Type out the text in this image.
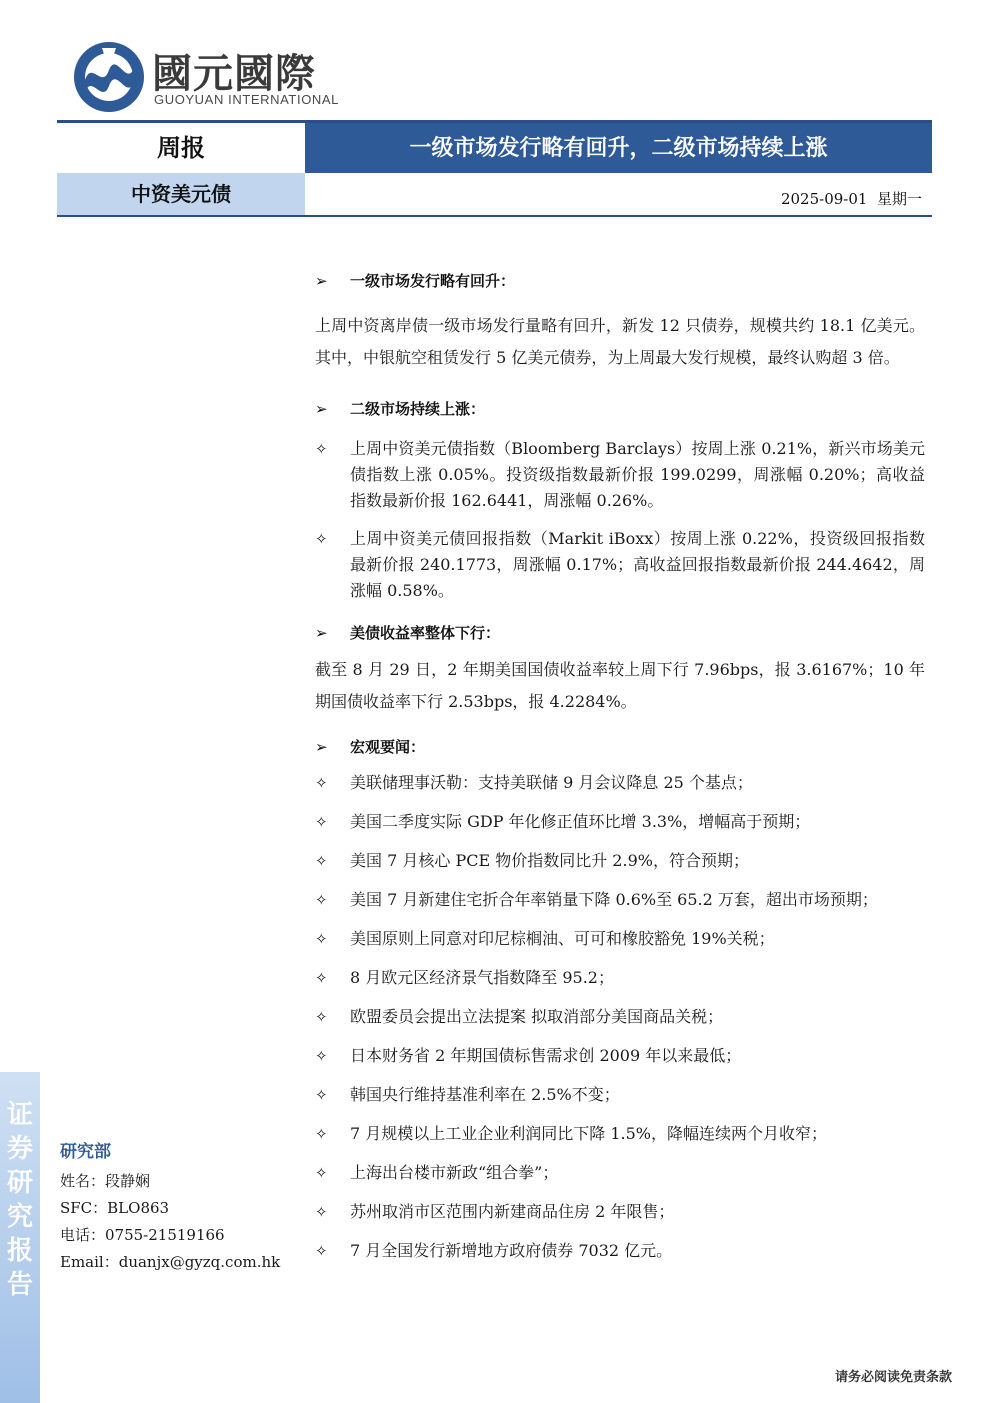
证
券
研
究
报
告
國元國際
GUOYUAN INTERNATIONAL
周报	一级市场发行略有回升，二级市场持续上涨
中资美元债	2025-09-01  星期一
➢ 一级市场发行略有回升：
上周中资离岸债一级市场发行量略有回升，新发 12 只债券，规模共约 18.1 亿美元。其中，中银航空租赁发行 5 亿美元债券，为上周最大发行规模，最终认购超 3 倍。
➢ 二级市场持续上涨：
✧ 上周中资美元债指数（Bloomberg Barclays）按周上涨 0.21%，新兴市场美元债指数上涨 0.05%。投资级指数最新价报 199.0299，周涨幅 0.20%；高收益指数最新价报 162.6441，周涨幅 0.26%。
✧ 上周中资美元债回报指数（Markit iBoxx）按周上涨 0.22%，投资级回报指数最新价报 240.1773，周涨幅 0.17%；高收益回报指数最新价报 244.4642，周涨幅 0.58%。
➢ 美债收益率整体下行：
截至 8 月 29 日，2 年期美国国债收益率较上周下行 7.96bps，报 3.6167%；10 年期国债收益率下行 2.53bps，报 4.2284%。
➢ 宏观要闻：
✧ 美联储理事沃勒：支持美联储 9 月会议降息 25 个基点；
✧ 美国二季度实际 GDP 年化修正值环比增 3.3%，增幅高于预期；
✧ 美国 7 月核心 PCE 物价指数同比升 2.9%，符合预期；
✧ 美国 7 月新建住宅折合年率销量下降 0.6%至 65.2 万套，超出市场预期；
✧ 美国原则上同意对印尼棕榈油、可可和橡胶豁免 19%关税；
✧ 8 月欧元区经济景气指数降至 95.2；
✧ 欧盟委员会提出立法提案 拟取消部分美国商品关税；
✧ 日本财务省 2 年期国债标售需求创 2009 年以来最低；
✧ 韩国央行维持基准利率在 2.5%不变；
✧ 7 月规模以上工业企业利润同比下降 1.5%，降幅连续两个月收窄；
✧ 上海出台楼市新政“组合拳”；
✧ 苏州取消市区范围内新建商品住房 2 年限售；
✧ 7 月全国发行新增地方政府债券 7032 亿元。
研究部
姓名：段静娴
SFC：BLO863
电话：0755-21519166
Email：duanjx@gyzq.com.hk
请务必阅读免责条款
